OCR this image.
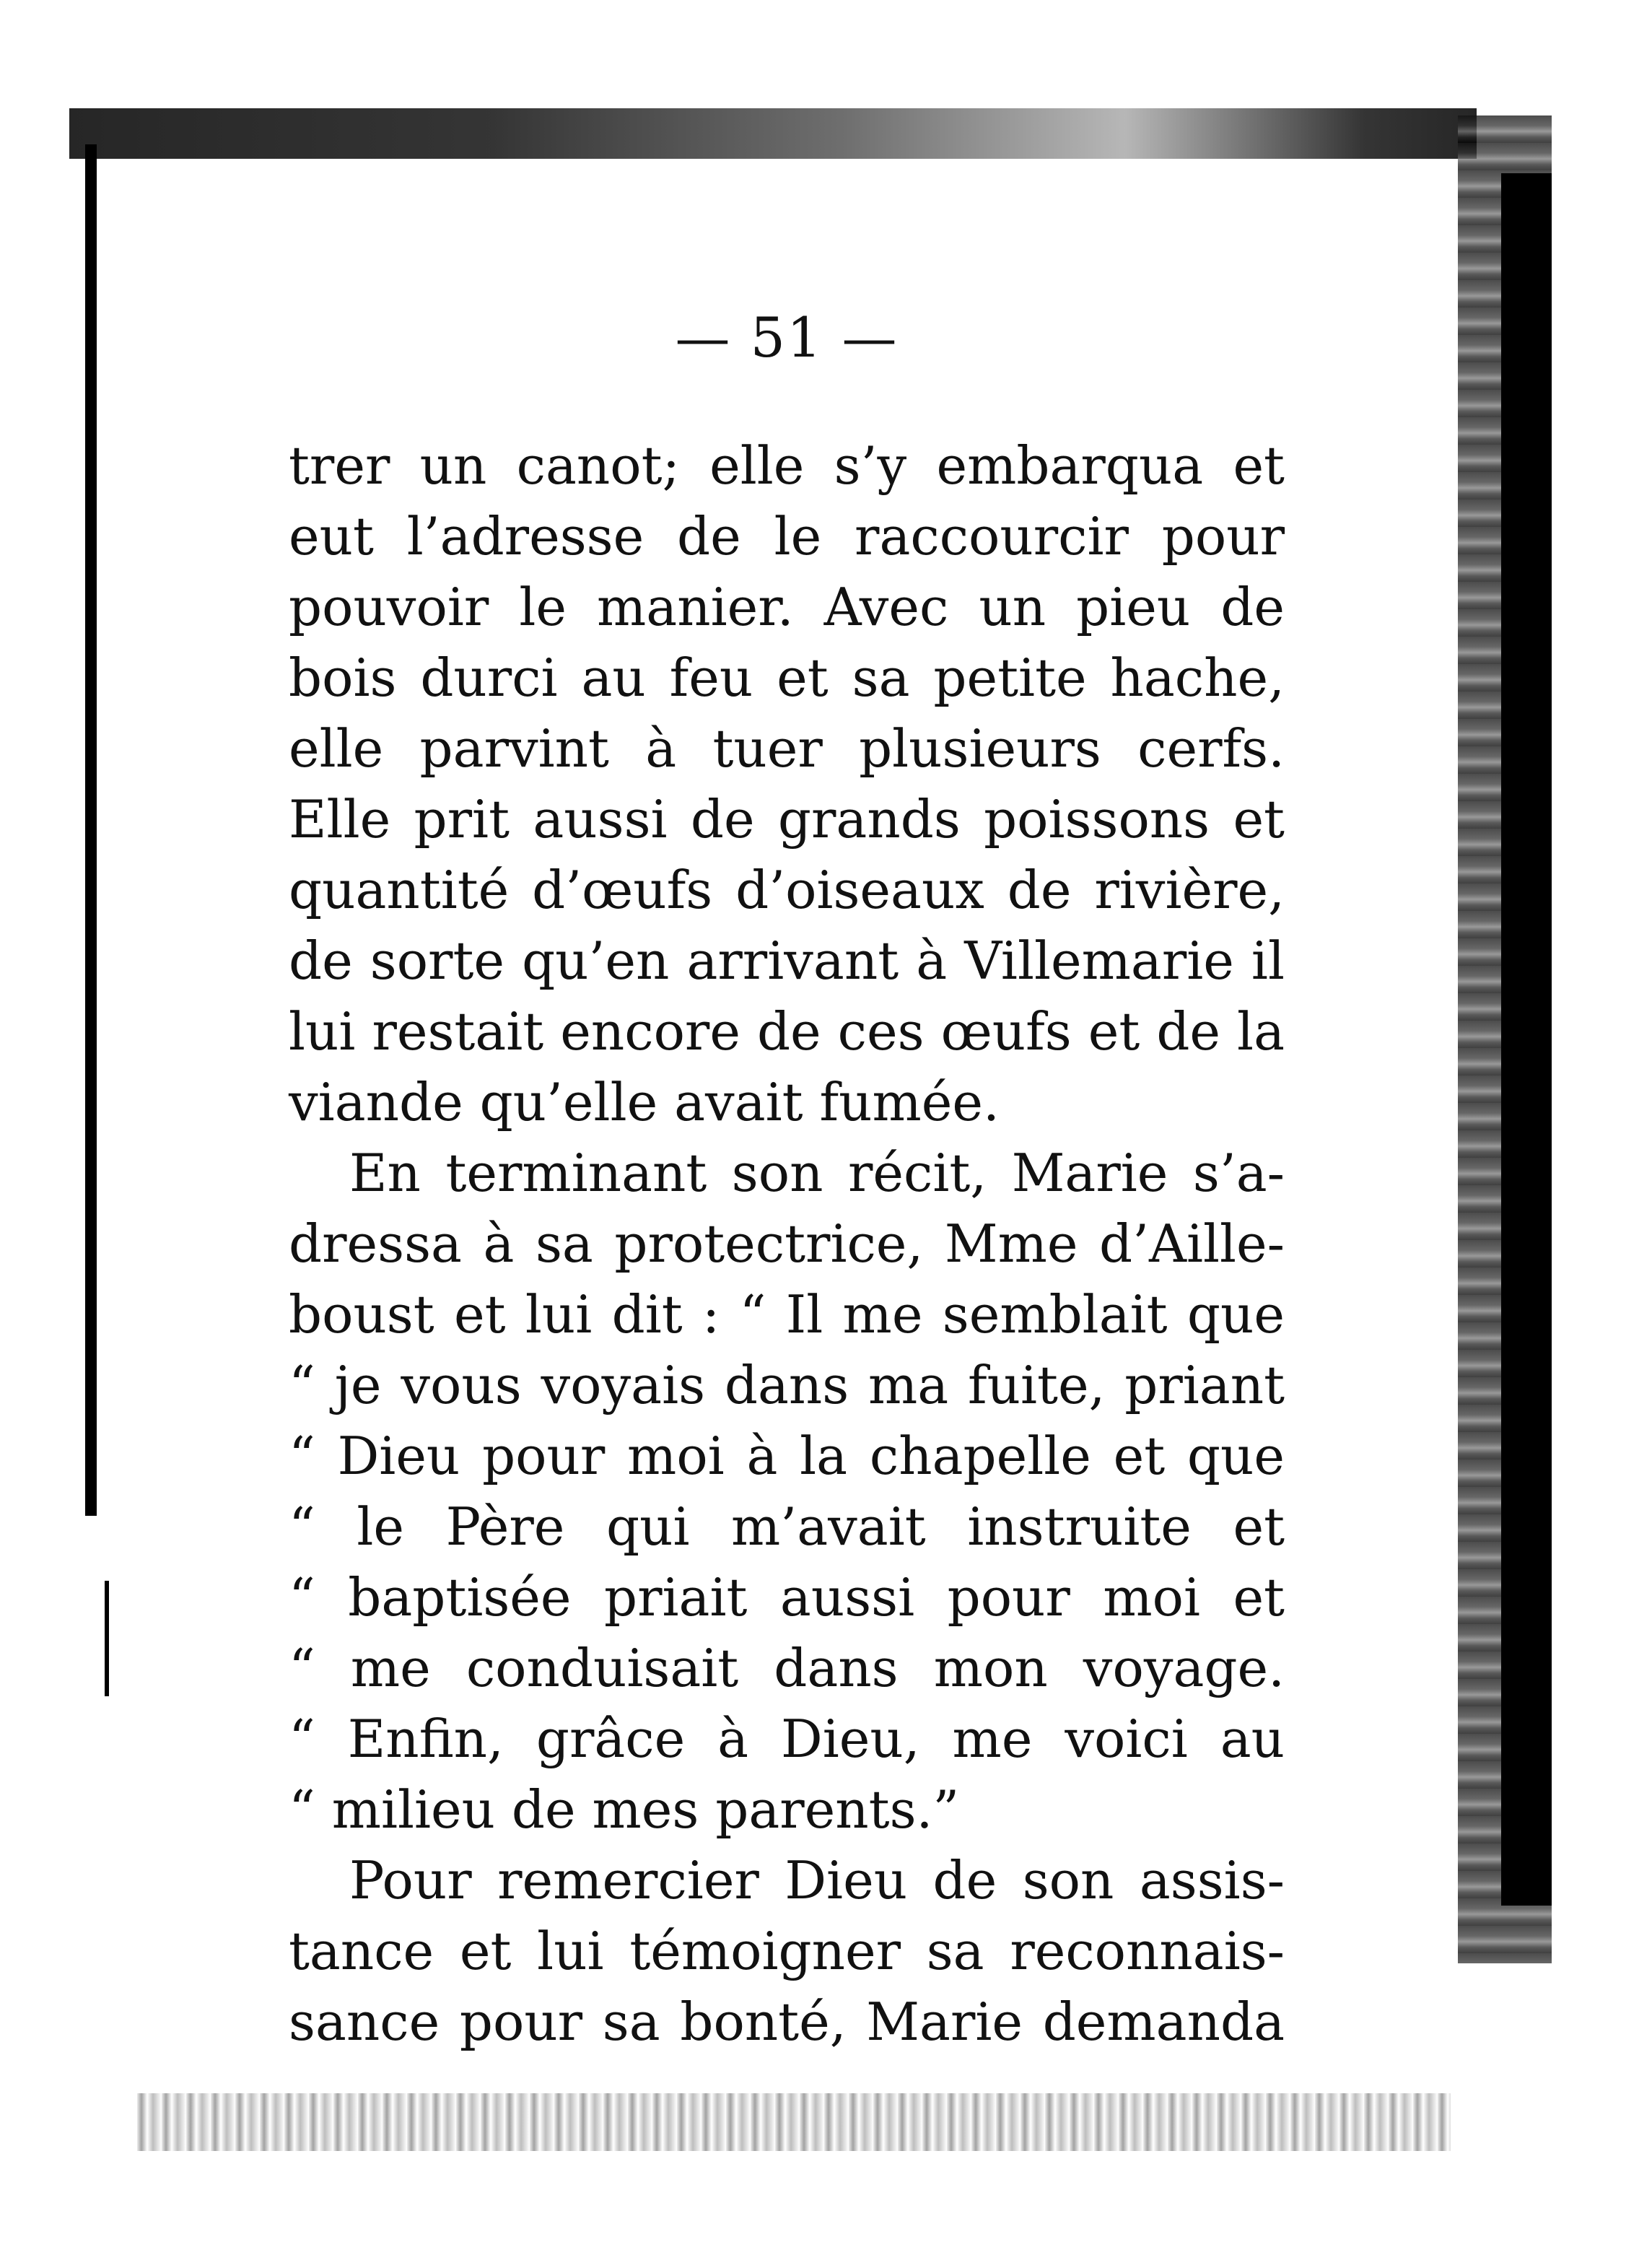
— 51 —
trer un canot; elle s’y embarqua et
eut l’adresse de le raccourcir pour
pouvoir le manier. Avec un pieu de
bois durci au feu et sa petite hache,
elle parvint à tuer plusieurs cerfs.
Elle prit aussi de grands poissons et
quantité d’œufs d’oiseaux de rivière,
de sorte qu’en arrivant à Villemarie il
lui restait encore de ces œufs et de la
viande qu’elle avait fumée.
En terminant son récit, Marie s’a-
dressa à sa protectrice, Mme d’Aille-
boust et lui dit : “ Il me semblait que
“ je vous voyais dans ma fuite, priant
“ Dieu pour moi à la chapelle et que
“ le Père qui m’avait instruite et
“ baptisée priait aussi pour moi et
“ me conduisait dans mon voyage.
“ Enfin, grâce à Dieu, me voici au
“ milieu de mes parents.”
Pour remercier Dieu de son assis-
tance et lui témoigner sa reconnais-
sance pour sa bonté, Marie demanda
